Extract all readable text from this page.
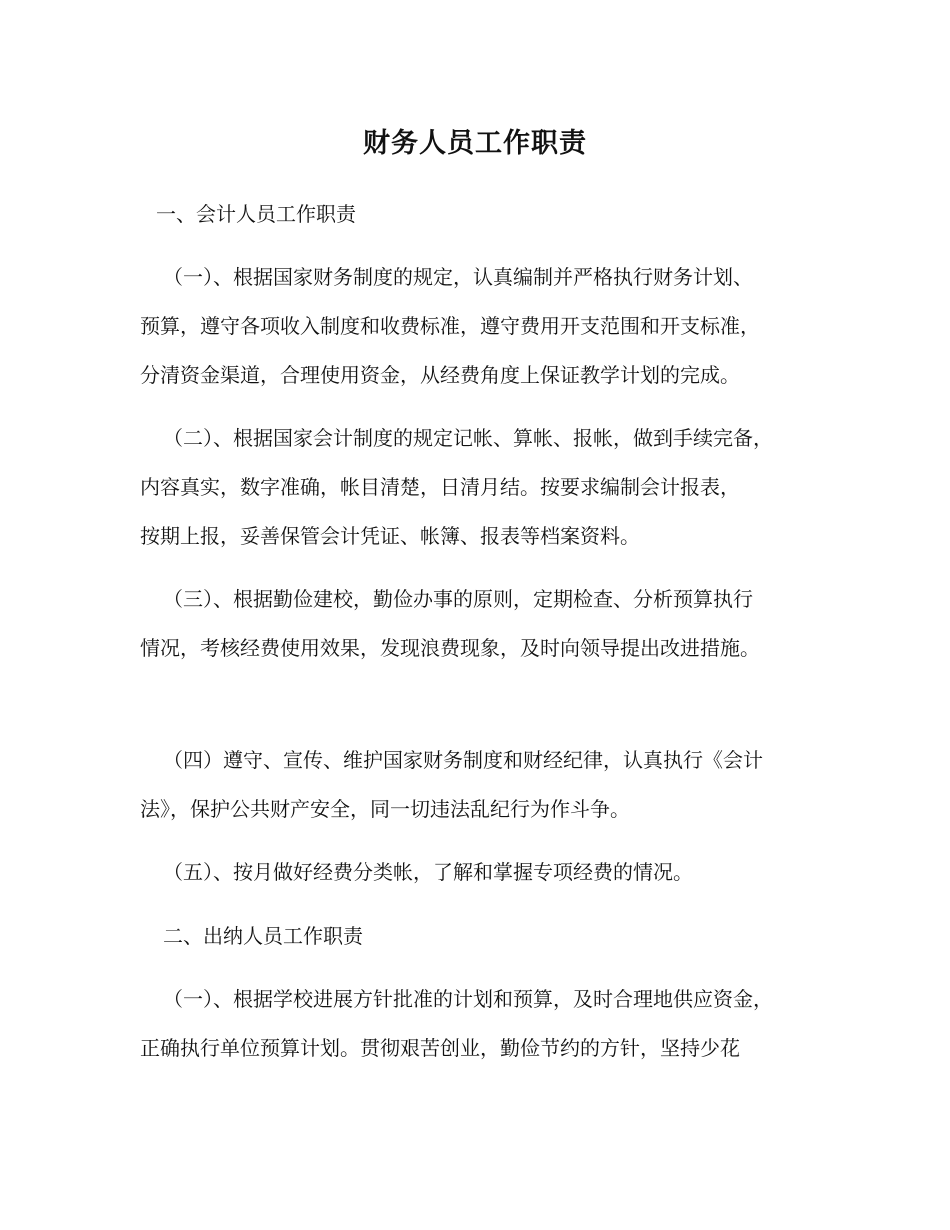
财务人员工作职责
一、会计人员工作职责
（一）、根据国家财务制度的规定，认真编制并严格执行财务计划、
预算，遵守各项收入制度和收费标准，遵守费用开支范围和开支标准，
分清资金渠道，合理使用资金，从经费角度上保证教学计划的完成。
（二）、根据国家会计制度的规定记帐、算帐、报帐，做到手续完备，
内容真实，数字准确，帐目清楚，日清月结。按要求编制会计报表，
按期上报，妥善保管会计凭证、帐簿、报表等档案资料。
（三）、根据勤俭建校，勤俭办事的原则，定期检查、分析预算执行
情况，考核经费使用效果，发现浪费现象，及时向领导提出改进措施。
（四）遵守、宣传、维护国家财务制度和财经纪律，认真执行《会计
法》，保护公共财产安全，同一切违法乱纪行为作斗争。
（五）、按月做好经费分类帐，了解和掌握专项经费的情况。
二、出纳人员工作职责
（一）、根据学校进展方针批准的计划和预算，及时合理地供应资金，
正确执行单位预算计划。贯彻艰苦创业，勤俭节约的方针，坚持少花
